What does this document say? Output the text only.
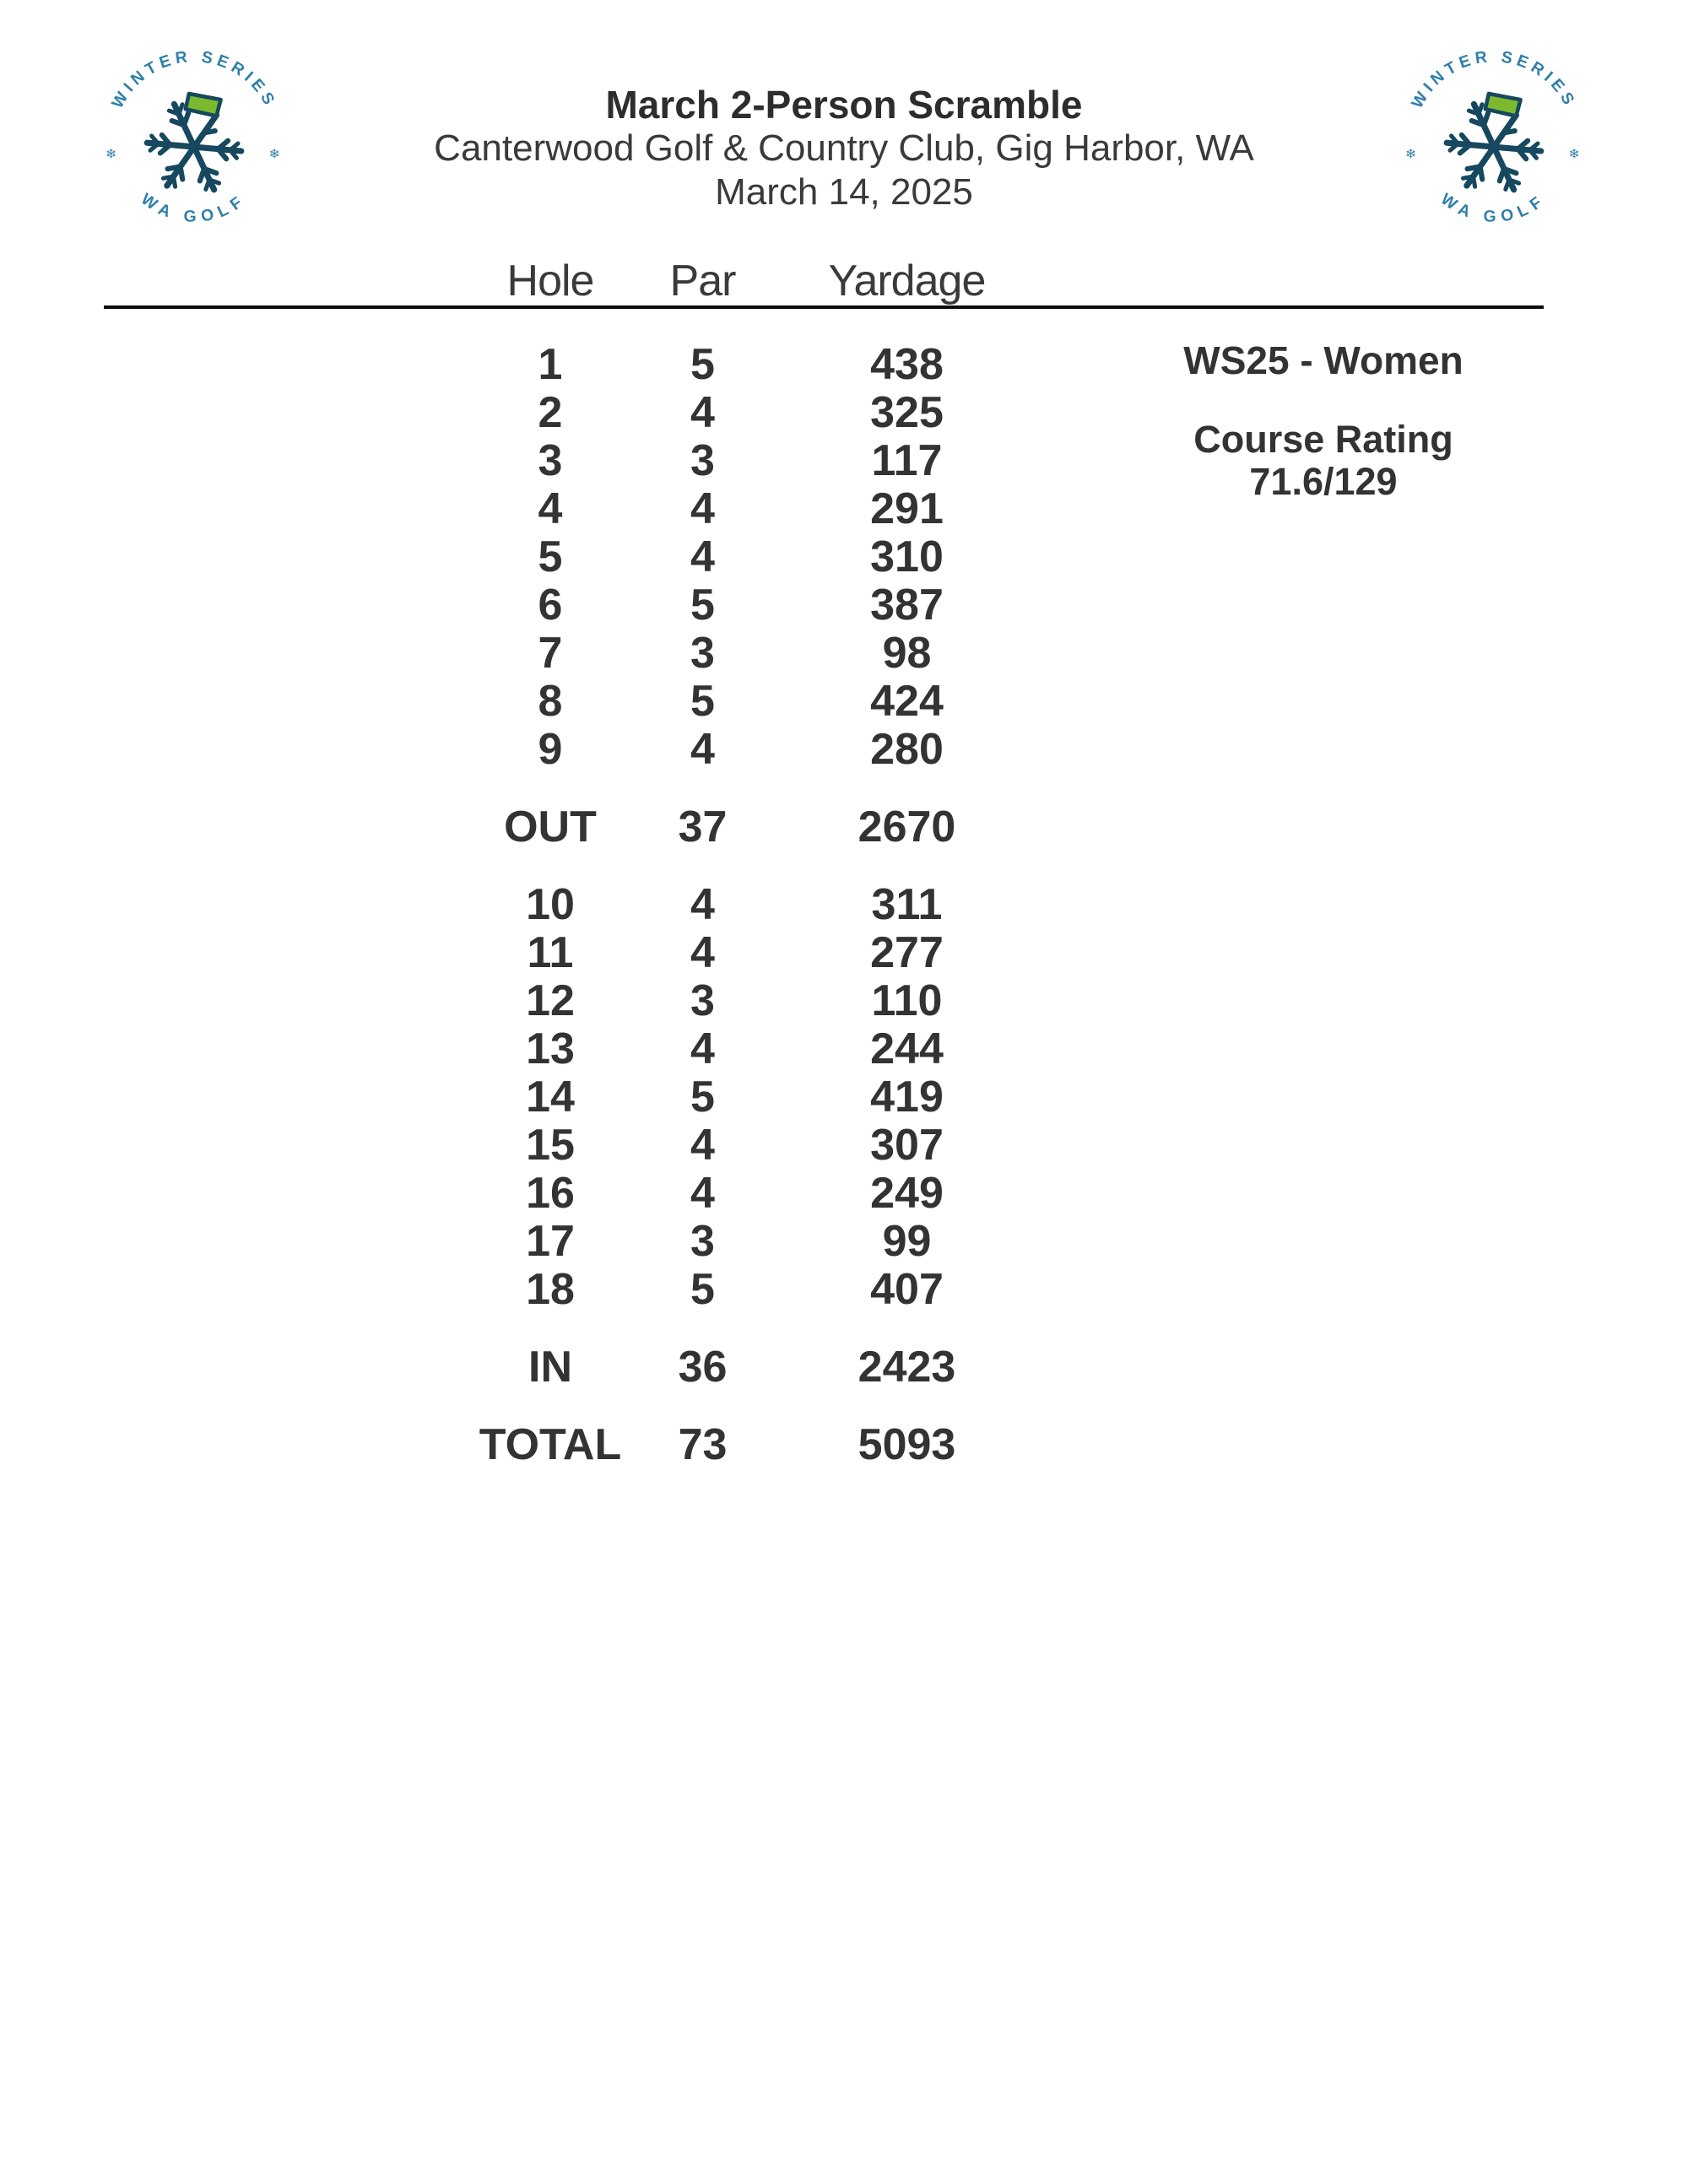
WINTER SERIES
WA GOLF
❄	❄
WINTER SERIES
WA GOLF
❄	❄
March 2-Person Scramble
Canterwood Golf & Country Club, Gig Harbor, WA
March 14, 2025
Hole	Par	Yardage
1	5	438
2	4	325
3	3	117
4	4	291
5	4	310
6	5	387
7	3	98
8	5	424
9	4	280
OUT	37	2670
10	4	311
11	4	277
12	3	110
13	4	244
14	5	419
15	4	307
16	4	249
17	3	99
18	5	407
IN	36	2423
TOTAL	73	5093
WS25 - Women
Course Rating
71.6/129
